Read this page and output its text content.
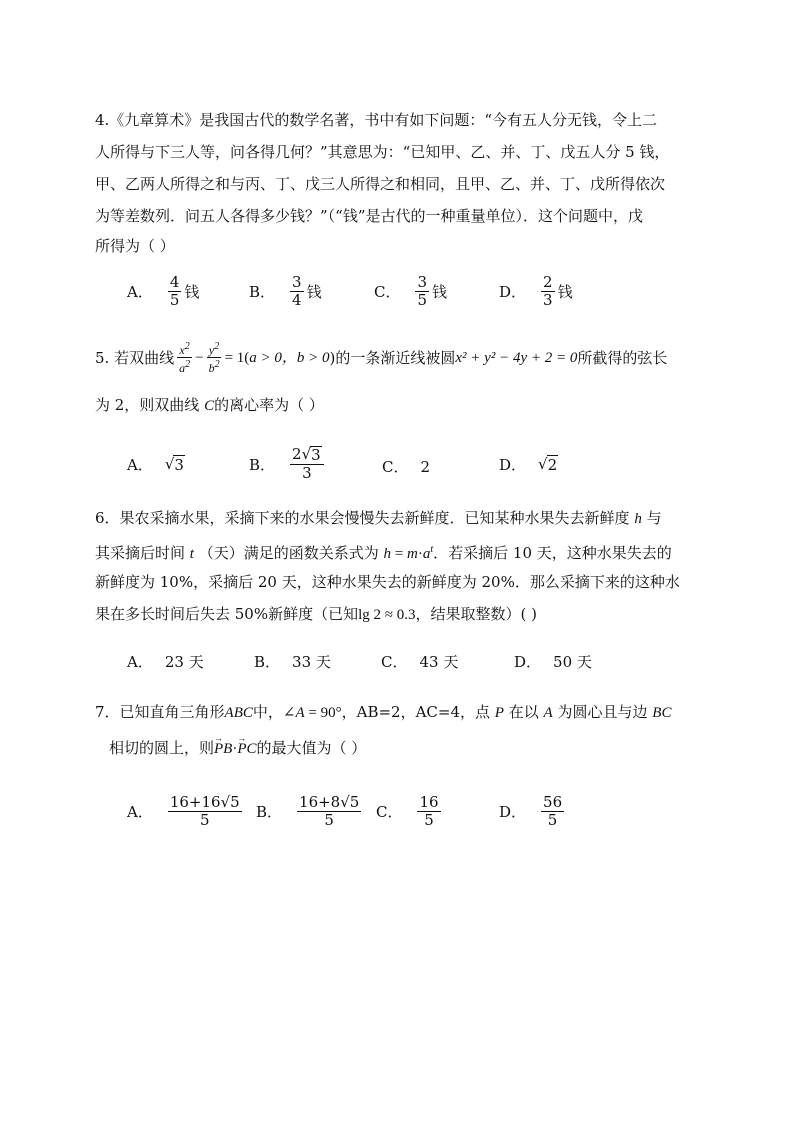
4.《九章算术》是我国古代的数学名著，书中有如下问题：“今有五人分无钱，令上二
人所得与下三人等，问各得几何？”其意思为：“已知甲、乙、并、丁、戊五人分 5 钱，
甲、乙两人所得之和与丙、丁、戊三人所得之和相同，且甲、乙、并、丁、戊所得依次
为等差数列．问五人各得多少钱？”（“钱”是古代的一种重量单位）．这个问题中，戊
所得为（ ）
A． $\frac{4}{5}$ 钱	B． $\frac{3}{4}$ 钱	C． $\frac{3}{5}$ 钱	D． $\frac{2}{3}$ 钱
5. 若双曲线 $\frac{x^2}{a^2} - \frac{y^2}{b^2} = 1$( a > 0，b > 0 )的一条渐近线被圆 x² + y² − 4y + 2 = 0 所截得的弦长
为 2，则双曲线 C的离心率为（ ）
A． √ 3	B． $\frac{2 √ 3}{3}$	C． 2	D． √ 2
6．果农采摘水果，采摘下来的水果会慢慢失去新鲜度．已知某种水果失去新鲜度 h 与
其采摘后时间 t （天）满足的函数关系式为 $h = m\cdot a^t$．若采摘后 10 天，这种水果失去的
新鲜度为 10%，采摘后 20 天，这种水果失去的新鲜度为 20%．那么采摘下来的这种水
果在多长时间后失去 50%新鲜度（已知lg 2 ≈ 0.3，结果取整数）( )
A． 23 天	B． 33 天	C． 43 天	D． 50 天
7．已知直角三角形ABC中，∠A = 90°，AB=2，AC=4，点 P 在以 A 为圆心且与边 BC
相切的圆上，则→ PB·→ PC的最大值为（ ）
A． $\frac{16+16√5}{5}$ B． $\frac{16+8√5}{5}$ C． $\frac{16}{5}$	D． $\frac{56}{5}$
